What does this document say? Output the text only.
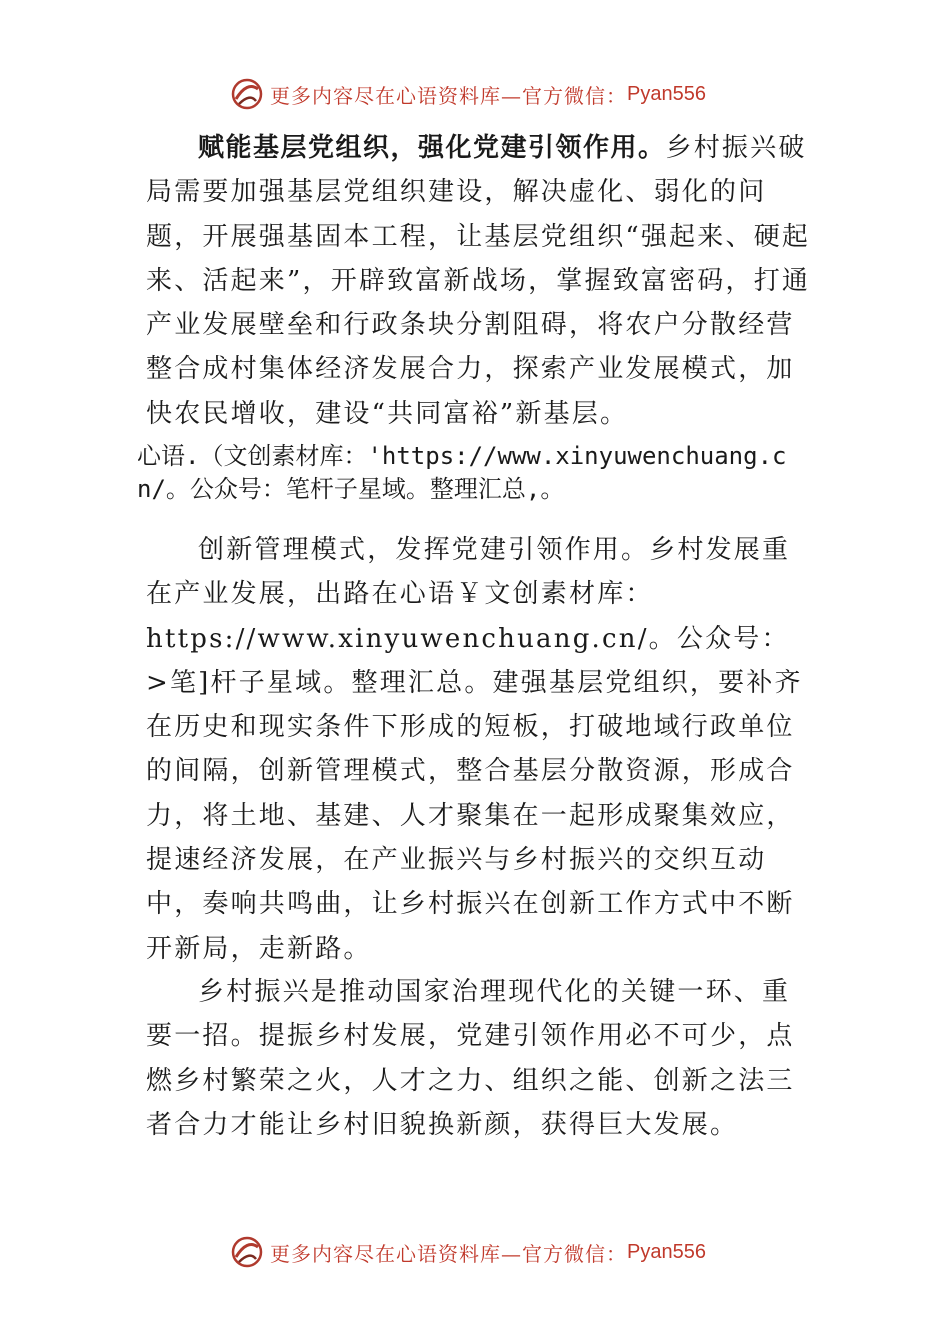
更多内容尽在心语资料库—官方微信： Pyan556

赋能基层党组织，强化党建引领作用。乡村振兴破局需要加强基层党组织建设，解决虚化、弱化的问题，开展强基固本工程，让基层党组织“强起来、硬起来、活起来”，开辟致富新战场，掌握致富密码，打通产业发展壁垒和行政条块分割阻碍，将农户分散经营整合成村集体经济发展合力，探索产业发展模式，加快农民增收，建设“共同富裕”新基层。

心语.（文创素材库：'https://www.xinyuwenchuang.cn/。公众号：笔杆子星域。整理汇总,。

创新管理模式，发挥党建引领作用。乡村发展重在产业发展，出路在心语￥文创素材库：https://www.xinyuwenchuang.cn/。公众号：>笔]杆子星域。整理汇总。建强基层党组织，要补齐在历史和现实条件下形成的短板，打破地域行政单位的间隔，创新管理模式，整合基层分散资源，形成合力，将土地、基建、人才聚集在一起形成聚集效应，提速经济发展，在产业振兴与乡村振兴的交织互动中，奏响共鸣曲，让乡村振兴在创新工作方式中不断开新局，走新路。

乡村振兴是推动国家治理现代化的关键一环、重要一招。提振乡村发展，党建引领作用必不可少，点燃乡村繁荣之火，人才之力、组织之能、创新之法三者合力才能让乡村旧貌换新颜，获得巨大发展。

更多内容尽在心语资料库—官方微信： Pyan556
